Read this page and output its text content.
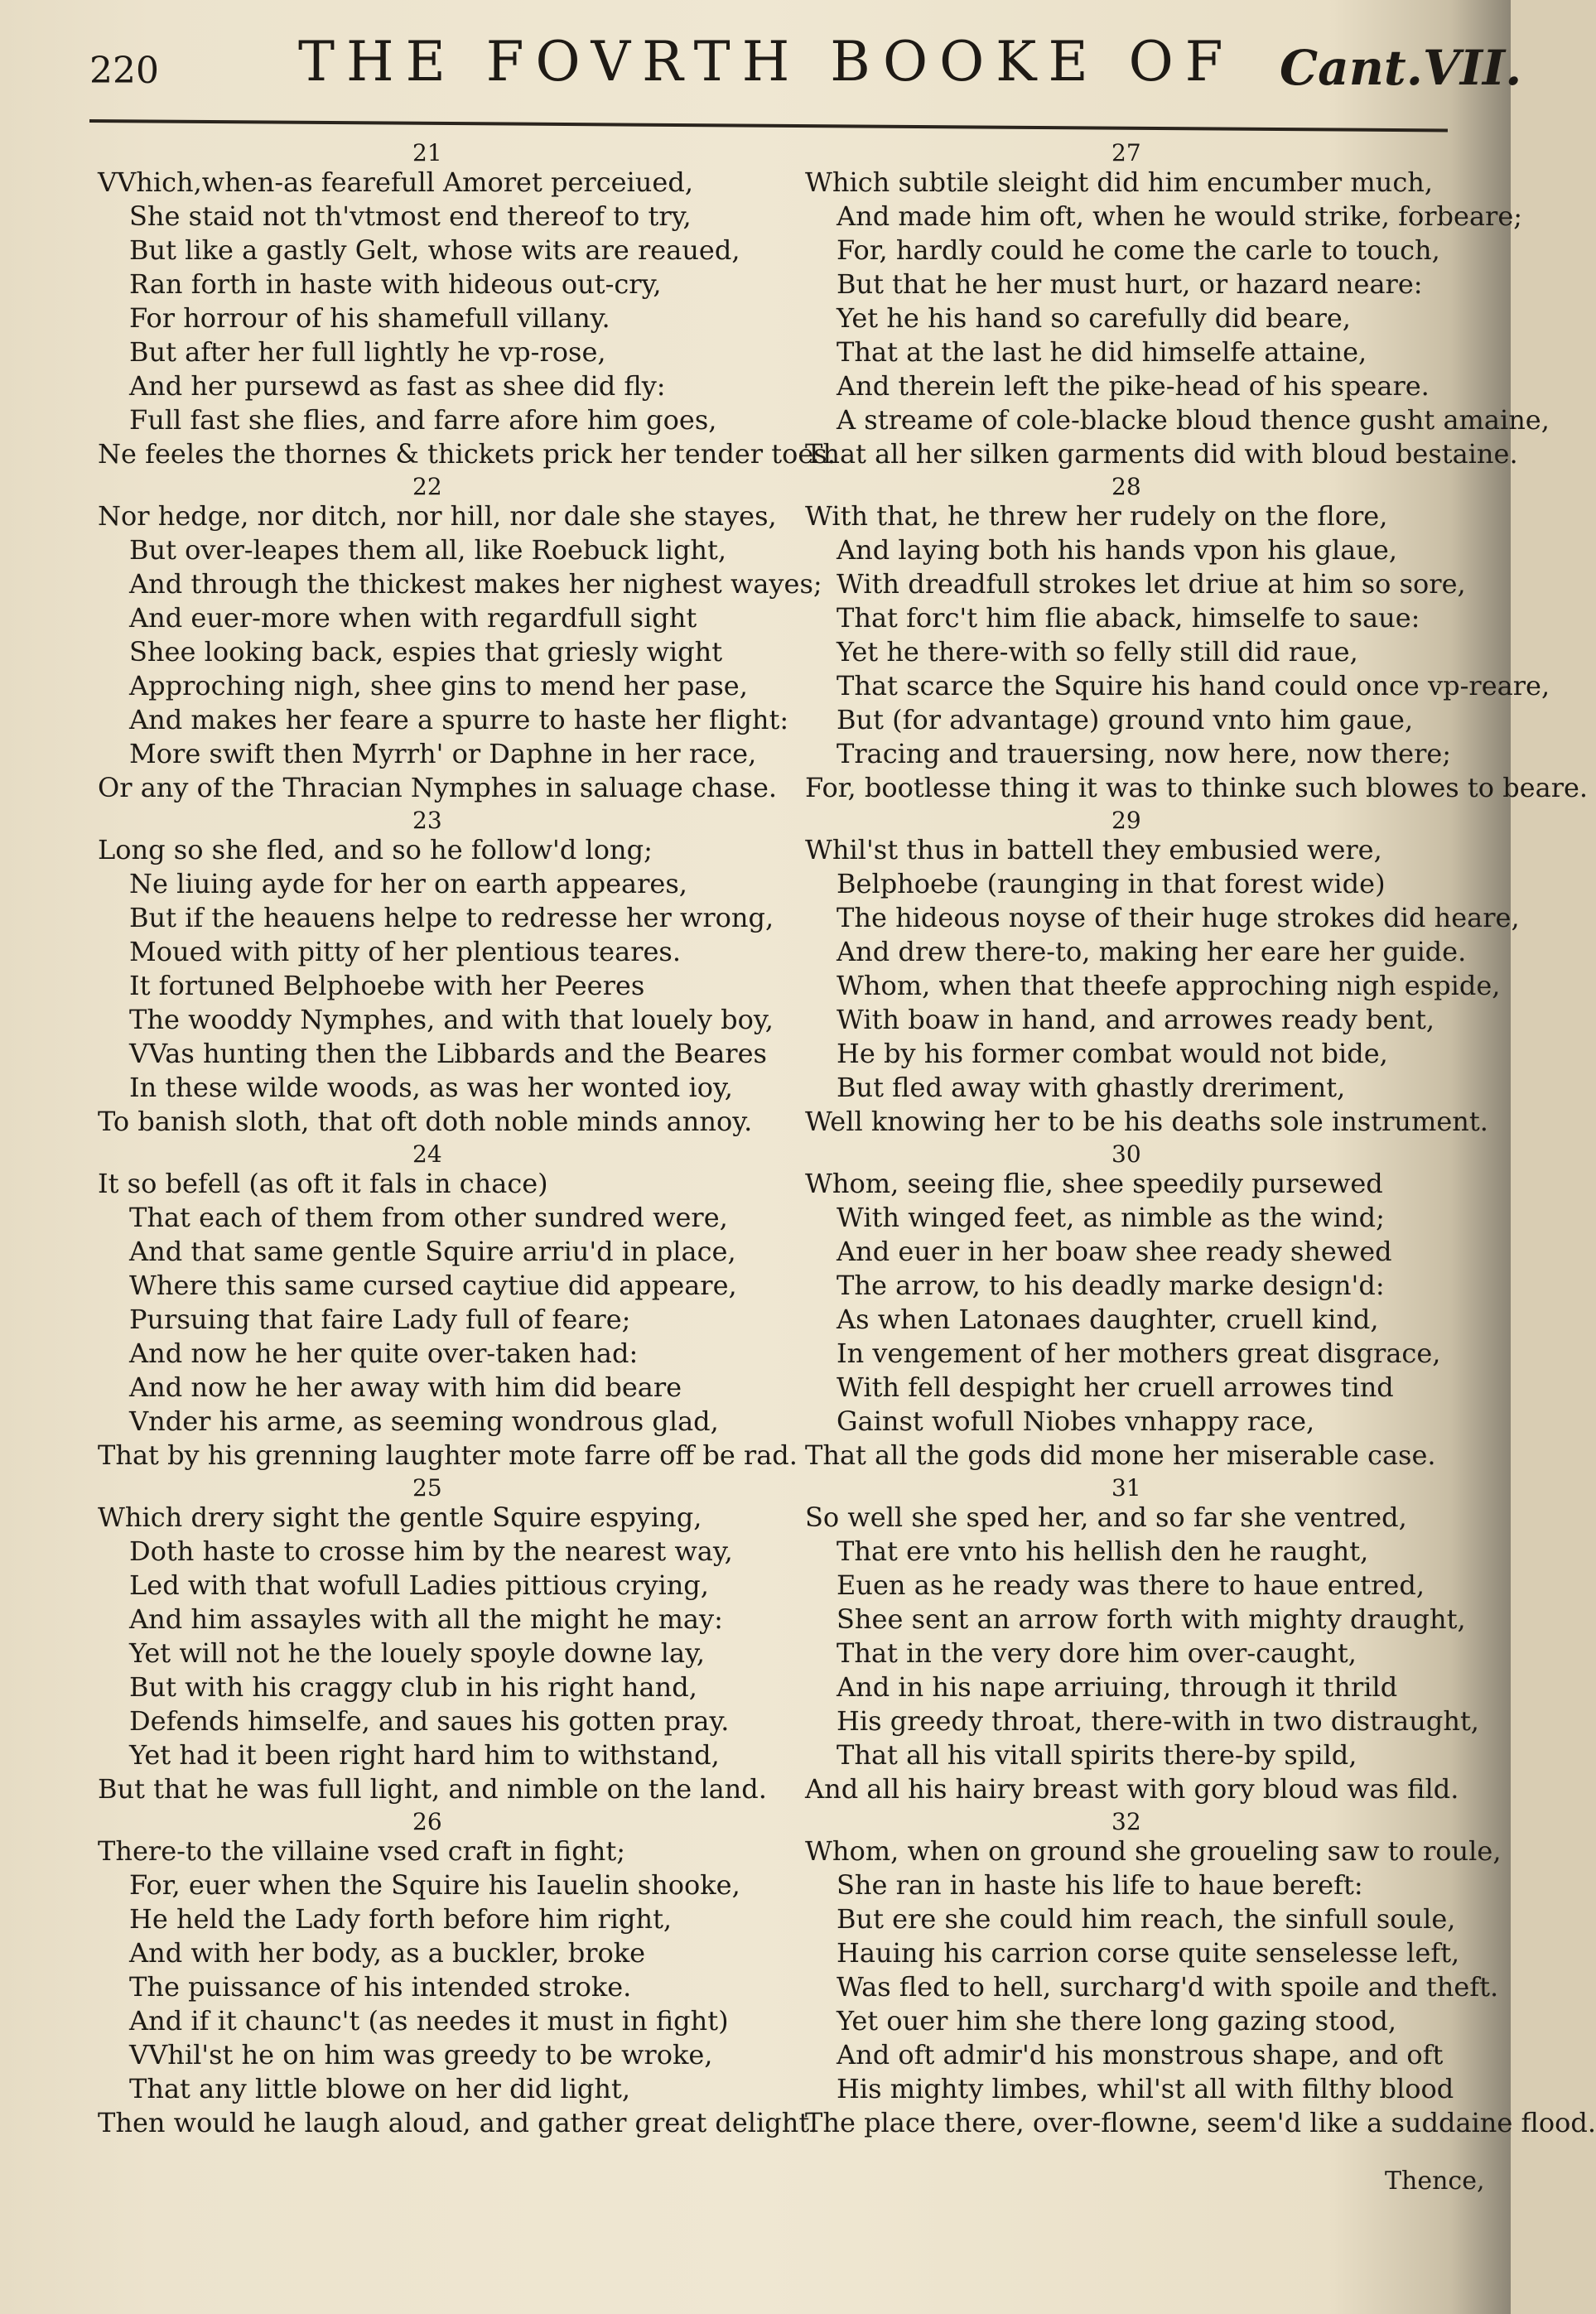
220	THE FOVRTH BOOKE OF Cant.VII.
21
VVhich,when-as fearefull Amoret perceiued,
She staid not th'vtmost end thereof to try,
But like a gastly Gelt, whose wits are reaued,
Ran forth in haste with hideous out-cry,
For horrour of his shamefull villany.
But after her full lightly he vp-rose,
And her pursewd as fast as shee did fly:
Full fast she flies, and farre afore him goes,
Ne feeles the thornes & thickets prick her tender toes.
22
Nor hedge, nor ditch, nor hill, nor dale she stayes,
But over-leapes them all, like Roebuck light,
And through the thickest makes her nighest wayes;
And euer-more when with regardfull sight
Shee looking back, espies that griesly wight
Approching nigh, shee gins to mend her pase,
And makes her feare a spurre to haste her flight:
More swift then Myrrh' or Daphne in her race,
Or any of the Thracian Nymphes in saluage chase.
23
Long so she fled, and so he follow'd long;
Ne liuing ayde for her on earth appeares,
But if the heauens helpe to redresse her wrong,
Moued with pitty of her plentious teares.
It fortuned Belphoebe with her Peeres
The wooddy Nymphes, and with that louely boy,
VVas hunting then the Libbards and the Beares
In these wilde woods, as was her wonted ioy,
To banish sloth, that oft doth noble minds annoy.
24
It so befell (as oft it fals in chace)
That each of them from other sundred were,
And that same gentle Squire arriu'd in place,
Where this same cursed caytiue did appeare,
Pursuing that faire Lady full of feare;
And now he her quite over-taken had:
And now he her away with him did beare
Vnder his arme, as seeming wondrous glad,
That by his grenning laughter mote farre off be rad.
25
Which drery sight the gentle Squire espying,
Doth haste to crosse him by the nearest way,
Led with that wofull Ladies pittious crying,
And him assayles with all the might he may:
Yet will not he the louely spoyle downe lay,
But with his craggy club in his right hand,
Defends himselfe, and saues his gotten pray.
Yet had it been right hard him to withstand,
But that he was full light, and nimble on the land.
26
There-to the villaine vsed craft in fight;
For, euer when the Squire his Iauelin shooke,
He held the Lady forth before him right,
And with her body, as a buckler, broke
The puissance of his intended stroke.
And if it chaunc't (as needes it must in fight)
VVhil'st he on him was greedy to be wroke,
That any little blowe on her did light,
Then would he laugh aloud, and gather great delight.
27
Which subtile sleight did him encumber much,
And made him oft, when he would strike, forbeare;
For, hardly could he come the carle to touch,
But that he her must hurt, or hazard neare:
Yet he his hand so carefully did beare,
That at the last he did himselfe attaine,
And therein left the pike-head of his speare.
A streame of cole-blacke bloud thence gusht amaine,
That all her silken garments did with bloud bestaine.
28
With that, he threw her rudely on the flore,
And laying both his hands vpon his glaue,
With dreadfull strokes let driue at him so sore,
That forc't him flie aback, himselfe to saue:
Yet he there-with so felly still did raue,
That scarce the Squire his hand could once vp-reare,
But (for advantage) ground vnto him gaue,
Tracing and trauersing, now here, now there;
For, bootlesse thing it was to thinke such blowes to beare.
29
Whil'st thus in battell they embusied were,
Belphoebe (raunging in that forest wide)
The hideous noyse of their huge strokes did heare,
And drew there-to, making her eare her guide.
Whom, when that theefe approching nigh espide,
With boaw in hand, and arrowes ready bent,
He by his former combat would not bide,
But fled away with ghastly dreriment,
Well knowing her to be his deaths sole instrument.
30
Whom, seeing flie, shee speedily pursewed
With winged feet, as nimble as the wind;
And euer in her boaw shee ready shewed
The arrow, to his deadly marke design'd:
As when Latonaes daughter, cruell kind,
In vengement of her mothers great disgrace,
With fell despight her cruell arrowes tind
Gainst wofull Niobes vnhappy race,
That all the gods did mone her miserable case.
31
So well she sped her, and so far she ventred,
That ere vnto his hellish den he raught,
Euen as he ready was there to haue entred,
Shee sent an arrow forth with mighty draught,
That in the very dore him over-caught,
And in his nape arriuing, through it thrild
His greedy throat, there-with in two distraught,
That all his vitall spirits there-by spild,
And all his hairy breast with gory bloud was fild.
32
Whom, when on ground she groueling saw to roule,
She ran in haste his life to haue bereft:
But ere she could him reach, the sinfull soule,
Hauing his carrion corse quite senselesse left,
Was fled to hell, surcharg'd with spoile and theft.
Yet ouer him she there long gazing stood,
And oft admir'd his monstrous shape, and oft
His mighty limbes, whil'st all with filthy blood
The place there, over-flowne, seem'd like a suddaine flood.
Thence,
